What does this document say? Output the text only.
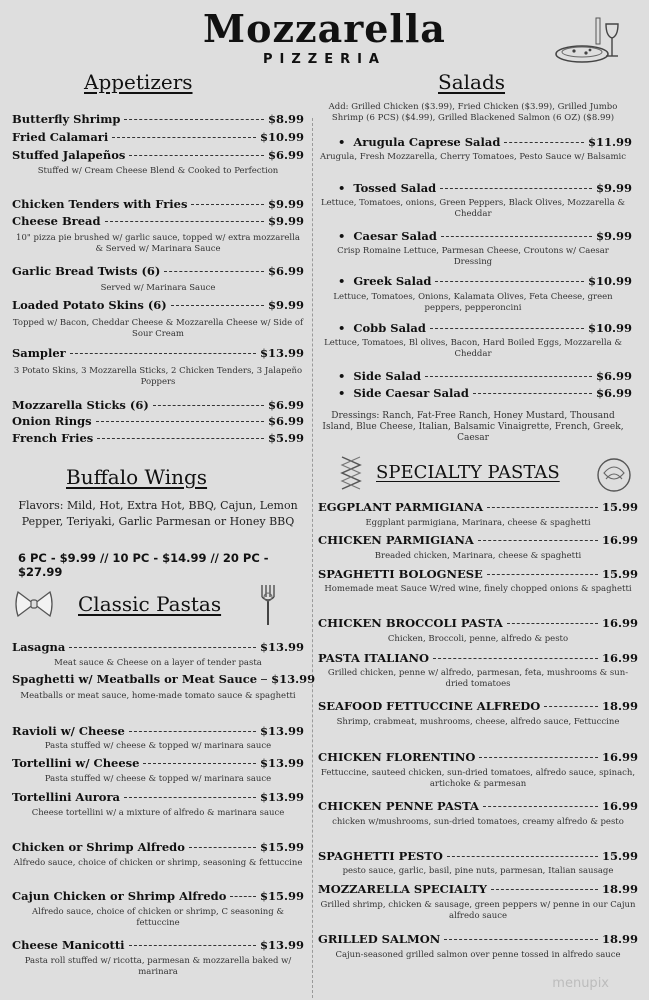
Mozzarella
PIZZERIA
Appetizers
Butterfly Shrimp	$8.99
Fried Calamari	$10.99
Stuffed Jalapeños	$6.99
Stuffed w/ Cream Cheese Blend & Cooked to Perfection
Chicken Tenders with Fries	$9.99
Cheese Bread	$9.99
10" pizza pie brushed w/ garlic sauce, topped w/ extra mozzarella & Served w/ Marinara Sauce
Garlic Bread Twists (6)	$6.99
Served w/ Marinara Sauce
Loaded Potato Skins (6)	$9.99
Topped w/ Bacon, Cheddar Cheese & Mozzarella Cheese w/ Side of Sour Cream
Sampler	$13.99
3 Potato Skins, 3 Mozzarella Sticks, 2 Chicken Tenders, 3 Jalapeño Poppers
Mozzarella Sticks (6)	$6.99
Onion Rings	$6.99
French Fries	$5.99
Buffalo Wings
Flavors: Mild, Hot, Extra Hot, BBQ, Cajun, Lemon Pepper, Teriyaki, Garlic Parmesan or Honey BBQ
6 PC - $9.99 // 10 PC - $14.99 // 20 PC - $27.99
Classic Pastas
Lasagna	$13.99
Meat sauce & Cheese on a layer of tender pasta
Spaghetti w/ Meatballs or Meat Sauce $13.99
Meatballs or meat sauce, home-made tomato sauce & spaghetti
Ravioli w/ Cheese	$13.99
Pasta stuffed w/ cheese & topped w/ marinara sauce
Tortellini w/ Cheese	$13.99
Pasta stuffed w/ cheese & topped w/ marinara sauce
Tortellini Aurora	$13.99
Cheese tortellini w/ a mixture of alfredo & marinara sauce
Chicken or Shrimp Alfredo	$15.99
Alfredo sauce, choice of chicken or shrimp, seasoning & fettuccine
Cajun Chicken or Shrimp Alfredo	$15.99
Alfredo sauce, choice of chicken or shrimp, C seasoning & fettuccine
Cheese Manicotti	$13.99
Pasta roll stuffed w/ ricotta, parmesan & mozzarella baked w/ marinara
Salads
Add: Grilled Chicken ($3.99), Fried Chicken ($3.99), Grilled Jumbo Shrimp (6 PCS) ($4.99), Grilled Blackened Salmon (6 OZ) ($8.99)
• Arugula Caprese Salad	$11.99
Arugula, Fresh Mozzarella, Cherry Tomatoes, Pesto Sauce w/ Balsamic
• Tossed Salad	$9.99
Lettuce, Tomatoes, onions, Green Peppers, Black Olives, Mozzarella & Cheddar
• Caesar Salad	$9.99
Crisp Romaine Lettuce, Parmesan Cheese, Croutons w/ Caesar Dressing
• Greek Salad	$10.99
Lettuce, Tomatoes, Onions, Kalamata Olives, Feta Cheese, green peppers, pepperoncini
• Cobb Salad	$10.99
Lettuce, Tomatoes, Bl olives, Bacon, Hard Boiled Eggs, Mozzarella & Cheddar
• Side Salad	$6.99
• Side Caesar Salad	$6.99
Dressings: Ranch, Fat-Free Ranch, Honey Mustard, Thousand Island, Blue Cheese, Italian, Balsamic Vinaigrette, French, Greek, Caesar
SPECIALTY PASTAS
EGGPLANT PARMIGIANA	15.99
Eggplant parmigiana, Marinara, cheese & spaghetti
CHICKEN PARMIGIANA	16.99
Breaded chicken, Marinara, cheese & spaghetti
SPAGHETTI BOLOGNESE	15.99
Homemade meat Sauce W/red wine, finely chopped onions & spaghetti
CHICKEN BROCCOLI PASTA	16.99
Chicken, Broccoli, penne, alfredo & pesto
PASTA ITALIANO	16.99
Grilled chicken, penne w/ alfredo, parmesan, feta, mushrooms & sun-dried tomatoes
SEAFOOD FETTUCCINE ALFREDO	18.99
Shrimp, crabmeat, mushrooms, cheese, alfredo sauce, Fettuccine
CHICKEN FLORENTINO	16.99
Fettuccine, sauteed chicken, sun-dried tomatoes, alfredo sauce, spinach, artichoke & parmesan
CHICKEN PENNE PASTA	16.99
chicken w/mushrooms, sun-dried tomatoes, creamy alfredo & pesto
SPAGHETTI PESTO	15.99
pesto sauce, garlic, basil, pine nuts, parmesan, Italian sausage
MOZZARELLA SPECIALTY	18.99
Grilled shrimp, chicken & sausage, green peppers w/ penne in our Cajun alfredo sauce
GRILLED SALMON	18.99
Cajun-seasoned grilled salmon over penne tossed in alfredo sauce
menupix
